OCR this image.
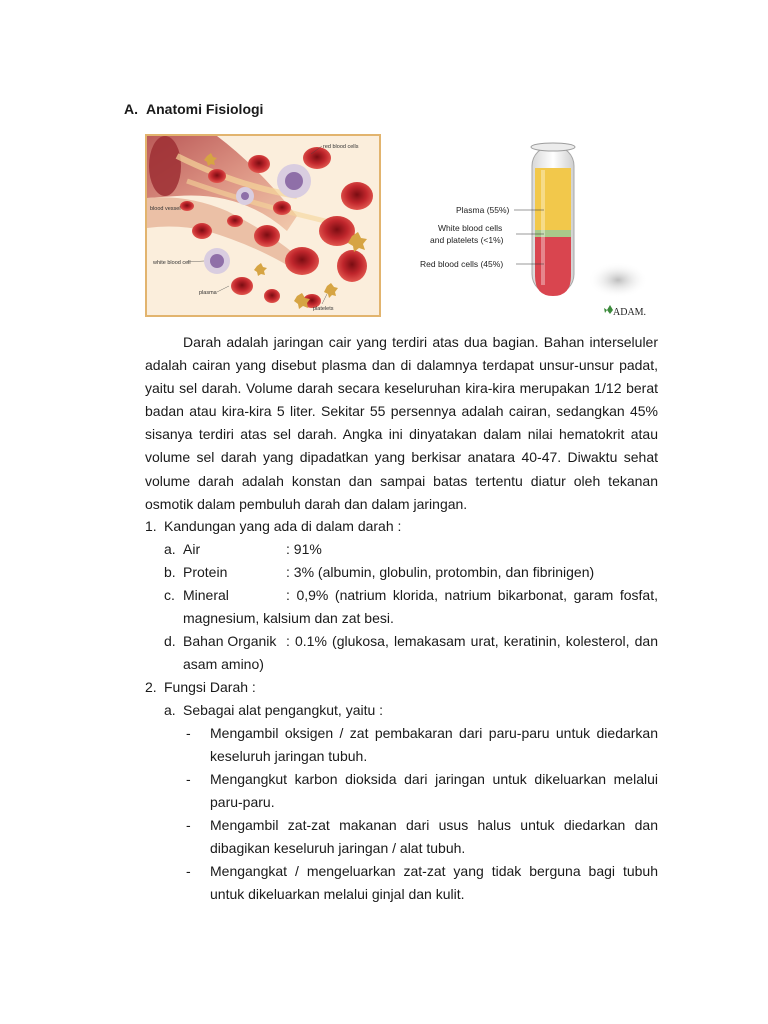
A. Anatomi Fisiologi
red blood cells
blood vessel
white blood cell
plasma
platelets
Plasma (55%)
White blood cells
and platelets (<1%)
Red blood cells (45%)
ADAM.
Darah adalah jaringan cair yang terdiri atas dua bagian. Bahan interseluler adalah cairan yang disebut plasma dan di dalamnya terdapat unsur-unsur padat, yaitu sel darah. Volume darah secara keseluruhan kira-kira merupakan 1/12 berat badan atau kira-kira 5 liter. Sekitar 55 persennya adalah cairan, sedangkan 45% sisanya terdiri atas sel darah. Angka ini dinyatakan dalam nilai hematokrit atau volume sel darah yang dipadatkan yang berkisar anatara 40-47. Diwaktu sehat volume darah adalah konstan dan sampai batas tertentu diatur oleh tekanan osmotik dalam pembuluh darah dan dalam jaringan.
1. Kandungan yang ada di dalam darah :
a. Air	: 91%
b. Protein	: 3% (albumin, globulin, protombin, dan fibrinigen)
c. Mineral	: 0,9% (natrium klorida, natrium bikarbonat, garam fosfat, magnesium, kalsium dan zat besi.
d. Bahan Organik : 0.1% (glukosa, lemakasam urat, keratinin, kolesterol, dan asam amino)
2. Fungsi Darah :
a. Sebagai alat pengangkut, yaitu :
- Mengambil oksigen / zat pembakaran dari paru-paru untuk diedarkan keseluruh jaringan tubuh.
- Mengangkut karbon dioksida dari jaringan untuk dikeluarkan melalui paru-paru.
- Mengambil zat-zat makanan dari usus halus untuk diedarkan dan dibagikan keseluruh jaringan / alat tubuh.
- Mengangkat / mengeluarkan zat-zat yang tidak berguna bagi tubuh untuk dikeluarkan melalui ginjal dan kulit.
